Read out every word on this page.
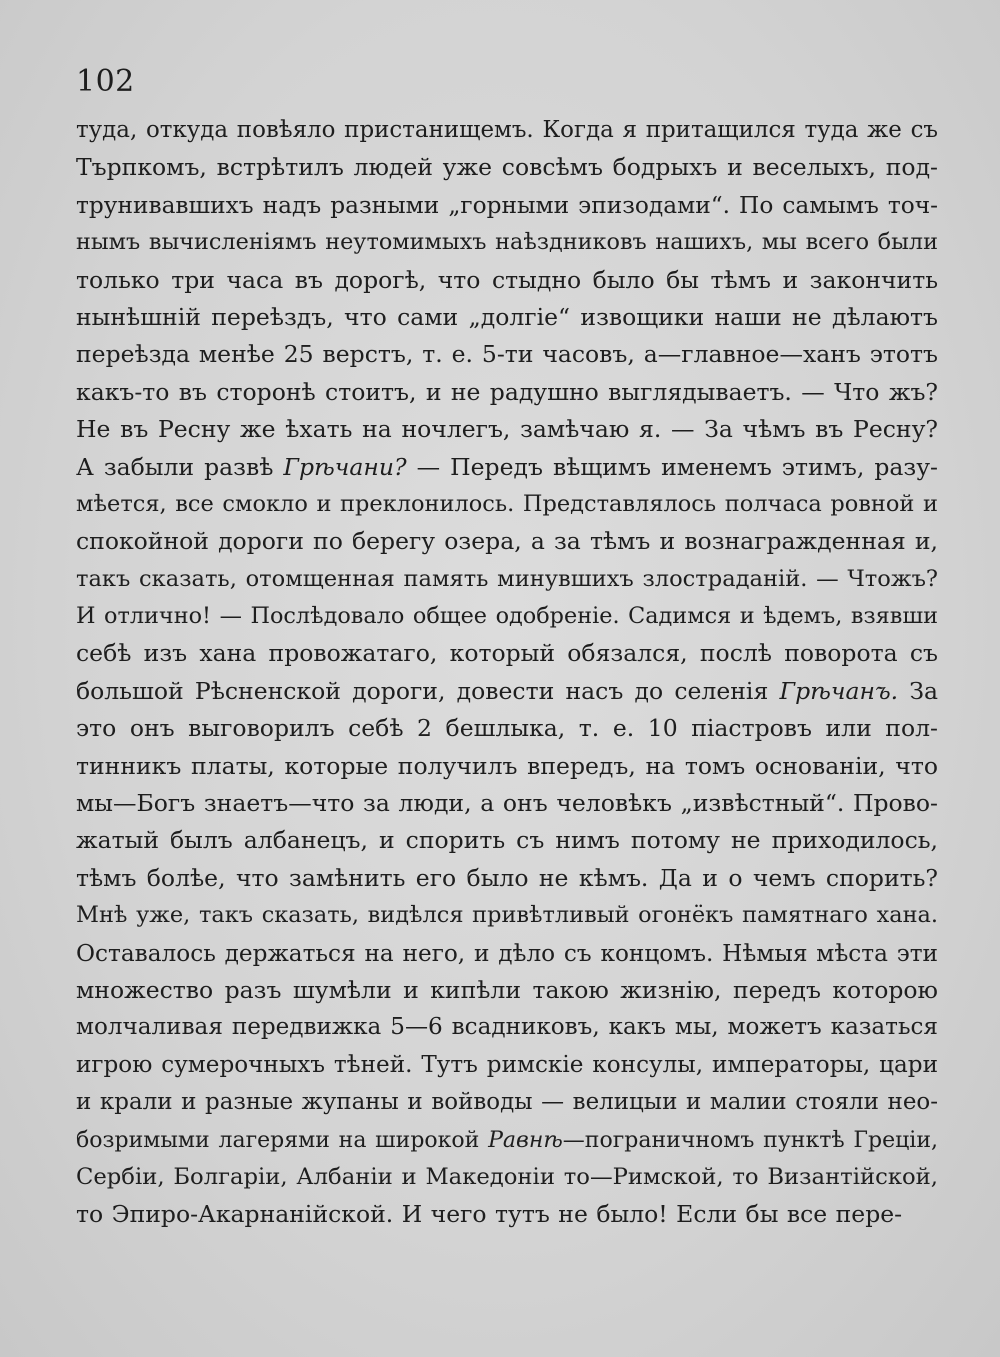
102
туда, откуда повѣяло пристанищемъ. Когда я притащился туда же съ
Търпкомъ, встрѣтилъ людей уже совсѣмъ бодрыхъ и веселыхъ, под-
трунивавшихъ надъ разными „горными эпизодами“. По самымъ точ-
нымъ вычисленіямъ неутомимыхъ наѣздниковъ нашихъ, мы всего были
только три часа въ дорогѣ, что стыдно было бы тѣмъ и закончить
нынѣшній переѣздъ, что сами „долгіе“ извощики наши не дѣлаютъ
переѣзда менѣе 25 верстъ, т. е. 5-ти часовъ, а—главное—ханъ этотъ
какъ-то въ сторонѣ стоитъ, и не радушно выглядываетъ. — Что жъ?
Не въ Ресну же ѣхать на ночлегъ, замѣчаю я. — За чѣмъ въ Ресну?
А забыли развѣ Грѣчани? — Передъ вѣщимъ именемъ этимъ, разу-
мѣется, все смокло и преклонилось. Представлялось полчаса ровной и
спокойной дороги по берегу озера, а за тѣмъ и вознагражденная и,
такъ сказать, отомщенная память минувшихъ злостраданій. — Чтожъ?
И отлично! — Послѣдовало общее одобреніе. Садимся и ѣдемъ, взявши
себѣ изъ хана провожатаго, который обязался, послѣ поворота съ
большой Рѣсненской дороги, довести насъ до селенія Грѣчанъ. За
это онъ выговорилъ себѣ 2 бешлыка, т. е. 10 піастровъ или пол-
тинникъ платы, которые получилъ впередъ, на томъ основаніи, что
мы—Богъ знаетъ—что за люди, а онъ человѣкъ „извѣстный“. Прово-
жатый былъ албанецъ, и спорить съ нимъ потому не приходилось,
тѣмъ болѣе, что замѣнить его было не кѣмъ. Да и о чемъ спорить?
Мнѣ уже, такъ сказать, видѣлся привѣтливый огонёкъ памятнаго хана.
Оставалось держаться на него, и дѣло съ концомъ. Нѣмыя мѣста эти
множество разъ шумѣли и кипѣли такою жизнію, передъ которою
молчаливая передвижка 5—6 всадниковъ, какъ мы, можетъ казаться
игрою сумерочныхъ тѣней. Тутъ римскіе консулы, императоры, цари
и крали и разные жупаны и войводы — велицыи и малии стояли нео-
бозримыми лагерями на широкой Равнѣ—пограничномъ пунктѣ Греціи,
Сербіи, Болгаріи, Албаніи и Македоніи то—Римской, то Византійской,
то Эпиро-Акарнанійской. И чего тутъ не было! Если бы все пере-
